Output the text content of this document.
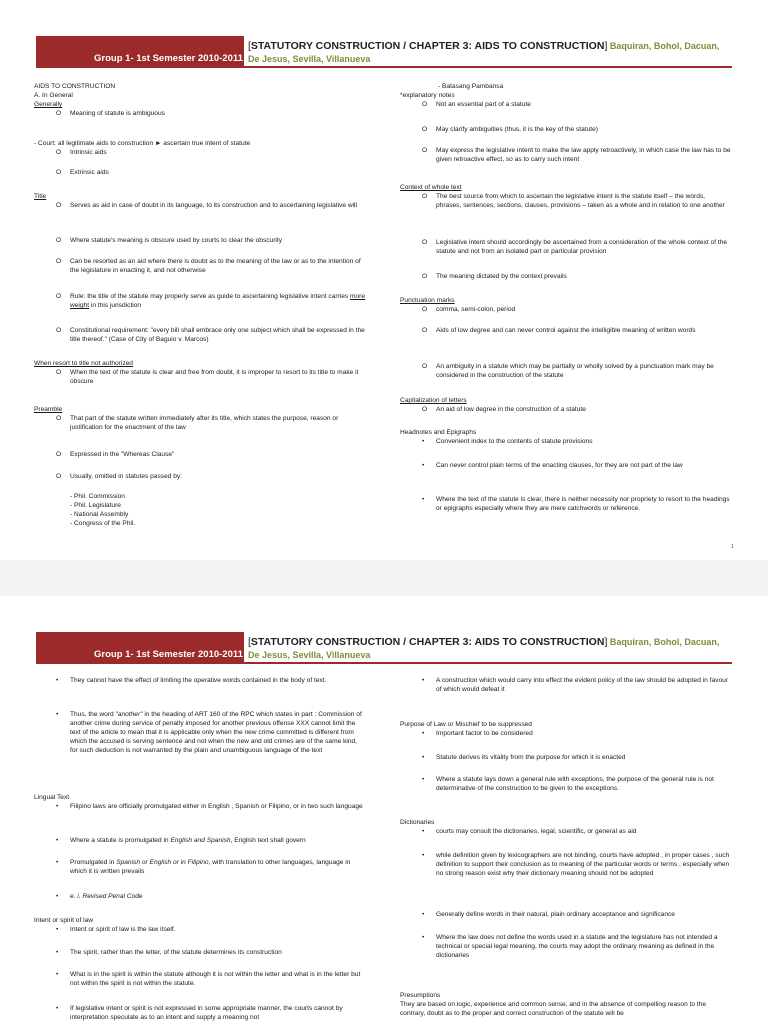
Group 1- 1st Semester 2010-2011
[STATUTORY CONSTRUCTION / CHAPTER 3: AIDS TO CONSTRUCTION] Baquiran, Bohol, Dacuan, De Jesus, Sevilla, Villanueva
AIDS TO CONSTRUCTION
A. In General
Generally
O Meaning of statute is ambiguous
- Court: all legitimate aids to construction ► ascertain true intent of statute
O Intrinsic aids
O Extrinsic aids
Title
O Serves as aid in case of doubt in its language, to its construction and to ascertaining legislative will
O Where statute's meaning is obscure used by courts to clear the obscurity
O Can be resorted as an aid where there is doubt as to the meaning of the law or as to the intention of the legislature in enacting it, and not otherwise
O Rule: the title of the statute may properly serve as guide to ascertaining legislative intent carries more weight in this jurisdiction
O Constitutional requirement: "every bill shall embrace only one subject which shall be expressed in the title thereof." (Case of City of Baguio v. Marcos)
When resort to title not authorized
O When the text of the statute is clear and free from doubt, it is improper to resort to its title to make it obscure
Preamble
O That part of the statute written immediately after its title, which states the purpose, reason or justification for the enactment of the law
O Expressed in the "Whereas Clause"
O Usually, omitted in statutes passed by:
- Phil. Commission
- Phil. Legislature
- National Assembly
- Congress of the Phil.
- Batasang Pambansa
*explanatory notes
O Not an essential part of a statute
O May clarify ambiguities (thus, it is the key of the statute)
O May express the legislative intent to make the law apply retroactively, in which case the law has to be given retroactive effect, so as to carry such intent
Context of whole text
O The best source from which to ascertain the legislative intent is the statute itself – the words, phrases, sentences, sections, clauses, provisions – taken as a whole and in relation to one another
O Legislative intent should accordingly be ascertained from a consideration of the whole context of the statute and not from an isolated part or particular provision
O The meaning dictated by the context prevails
Punctuation marks
O comma, semi-colon, period
O Aids of low degree and can never control against the intelligible meaning of written words
O An ambiguity in a statute which may be partially or wholly solved by a punctuation mark may be considered in the construction of the statute
Capitalization of letters
O An aid of low degree in the construction of a statute
Headnotes and Epigraphs
• Convenient index to the contents of statute provisions
• Can never control plain terms of the enacting clauses, for they are not part of the law
• Where the text of the statute is clear, there is neither necessity nor propriety to resort to the headings or epigraphs especially where they are mere catchwords or reference.
1
Group 1- 1st Semester 2010-2011
[STATUTORY CONSTRUCTION / CHAPTER 3: AIDS TO CONSTRUCTION] Baquiran, Bohol, Dacuan, De Jesus, Sevilla, Villanueva
• They cannot have the effect of limiting the operative words contained in the body of text.
• Thus, the word "another" in the heading of ART 160 of the RPC which states in part : Commission of another crime during service of penalty imposed for another previous offense XXX cannot limit the text of the article to mean that it is applicable only when the new crime committed is different from which the accused is serving sentence and not when the new and old crimes are of the same kind, for such deduction is not warranted by the plain and unambiguous language of the text
Lingual Text
• Filipino laws are officially promulgated either in English , Spanish or Filipino, or in two such language
• Where a statute is promulgated in English and Spanish, English text shall govern
• Promulgated in Spanish or English or in Filipino, with translation to other languages, language in which it is written prevails
• e. i. Revised Penal Code
Intent or spirit of law
• Intent or spirit of law is the law itself.
• The spirit, rather than the letter, of the statute determines its construction
• What is in the spirit is within the statute although it is not within the letter and what is in the letter but not within the spirit is not within the statute.
• If legislative intent or spirit is not expressed in some appropriate manner, the courts cannot by interpretation speculate as to an intent and supply a meaning not
• A construction which would carry into effect the evident policy of the law should be adopted in favour of which would defeat it
Purpose of Law or Mischief to be suppressed
• Important factor to be considered
• Statute derives its vitality from the purpose for which it is enacted
• Where a statute lays down a general rule with exceptions, the purpose of the general rule is not determinative of the construction to be given to the exceptions.
Dictionaries
• courts may consult the dictionaries, legal, scientific, or general as aid
• while definition given by lexicographers are not binding, courts have adopted , in proper cases , such definition to support their conclusion as to meaning of the particular words or terms , especially when no strong reason exist why their dictionary meaning should not be adopted
• Generally define words in their natural, plain ordinary acceptance and significance
• Where the law does not define the words used in a statute and the legislature has not intended a technical or special legal meaning, the courts may adopt the ordinary meaning as defined in the dictionaries
Presumptions
They are based on logic, experience and common sense, and in the absence of compelling reason to the contrary, doubt as to the proper and correct construction of the statute will be
